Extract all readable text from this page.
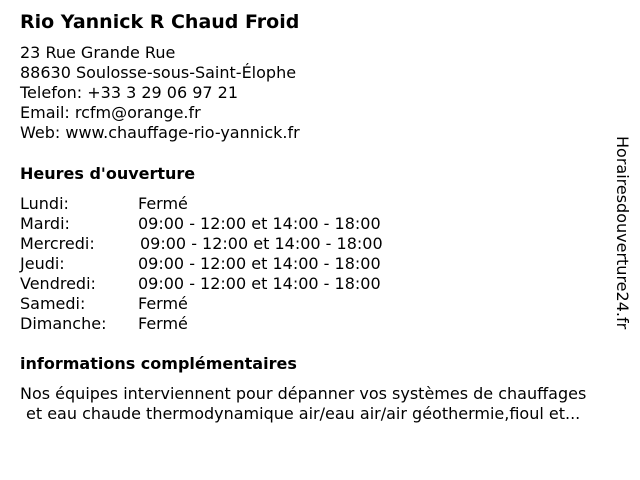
Rio Yannick R Chaud Froid
23 Rue Grande Rue
88630 Soulosse-sous-Saint-Élophe
Telefon: +33 3 29 06 97 21
Email: rcfm@orange.fr
Web: www.chauffage-rio-yannick.fr
Heures d'ouverture
Lundi:	Fermé
Mardi:	09:00 - 12:00 et 14:00 - 18:00
Mercredi:	09:00 - 12:00 et 14:00 - 18:00
Jeudi:	09:00 - 12:00 et 14:00 - 18:00
Vendredi:	09:00 - 12:00 et 14:00 - 18:00
Samedi:	Fermé
Dimanche: Fermé
informations complémentaires
Nos équipes interviennent pour dépanner vos systèmes de chauffages
et eau chaude thermodynamique air/eau air/air géothermie,fioul et...
Horairesdouverture24.fr
